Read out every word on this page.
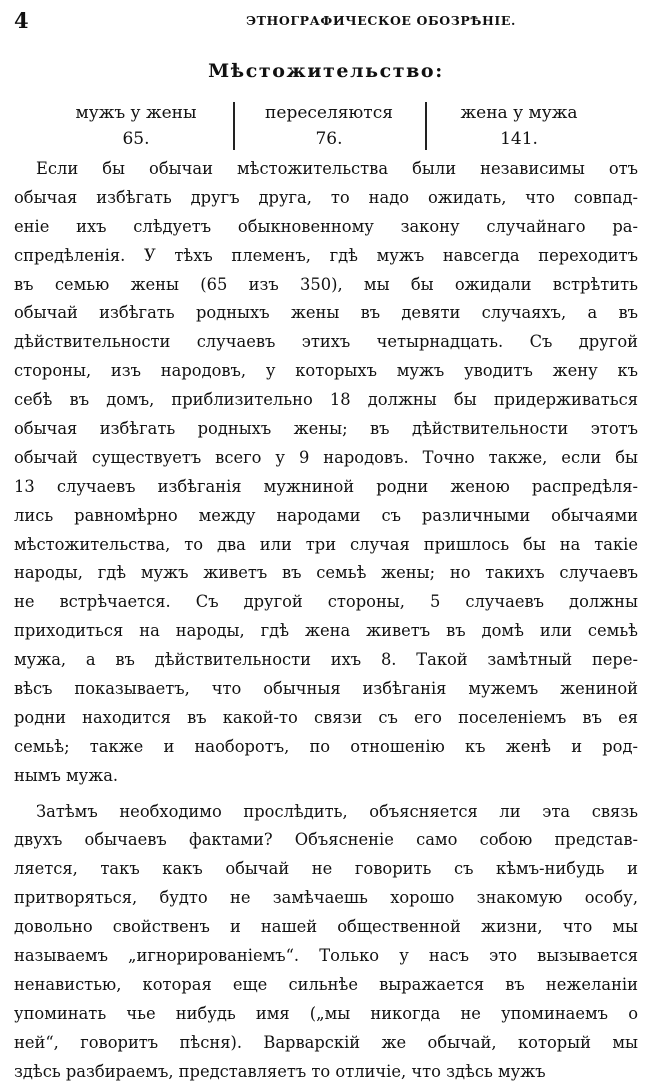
4	ЭТНОГРАФИЧЕСКОЕ ОБОЗРѢНІЕ.
Мѣстожительство:
мужъ у жены
65.
переселяются
76.
жена у мужа
141.
Если бы обычаи мѣстожительства были независимы отъ
обычая избѣгать другъ друга, то надо ожидать, что совпад-
еніе ихъ слѣдуетъ обыкновенному закону случайнаго ра-
спредѣленія. У тѣхъ племенъ, гдѣ мужъ навсегда переходитъ
въ семью жены (65 изъ 350), мы бы ожидали встрѣтить
обычай избѣгать родныхъ жены въ девяти случаяхъ, а въ
дѣйствительности случаевъ этихъ четырнадцать. Съ другой
стороны, изъ народовъ, у которыхъ мужъ уводитъ жену къ
себѣ въ домъ, приблизительно 18 должны бы придерживаться
обычая избѣгать родныхъ жены; въ дѣйствительности этотъ
обычай существуетъ всего у 9 народовъ. Точно также, если бы
13 случаевъ избѣганія мужниной родни женою распредѣля-
лись равномѣрно между народами съ различными обычаями
мѣстожительства, то два или три случая пришлось бы на такіе
народы, гдѣ мужъ живетъ въ семьѣ жены; но такихъ случаевъ
не встрѣчается. Съ другой стороны, 5 случаевъ должны
приходиться на народы, гдѣ жена живетъ въ домѣ или семьѣ
мужа, а въ дѣйствительности ихъ 8. Такой замѣтный пере-
вѣсъ показываетъ, что обычныя избѣганія мужемъ жениной
родни находится въ какой-то связи съ его поселеніемъ въ ея
семьѣ; также и наоборотъ, по отношенію къ женѣ и род-
нымъ мужа.
Затѣмъ необходимо прослѣдить, объясняется ли эта связь
двухъ обычаевъ фактами? Объясненіе само собою представ-
ляется, такъ какъ обычай не говорить съ кѣмъ-нибудь и
притворяться, будто не замѣчаешь хорошо знакомую особу,
довольно свойственъ и нашей общественной жизни, что мы
называемъ „игнорированіемъ“. Только у насъ это вызывается
ненавистью, которая еще сильнѣе выражается въ нежеланіи
упоминать чье нибудь имя („мы никогда не упоминаемъ о
ней“, говоритъ пѣсня). Варварскій же обычай, который мы
здѣсь разбираемъ, представляетъ то отличіе, что здѣсь мужъ
